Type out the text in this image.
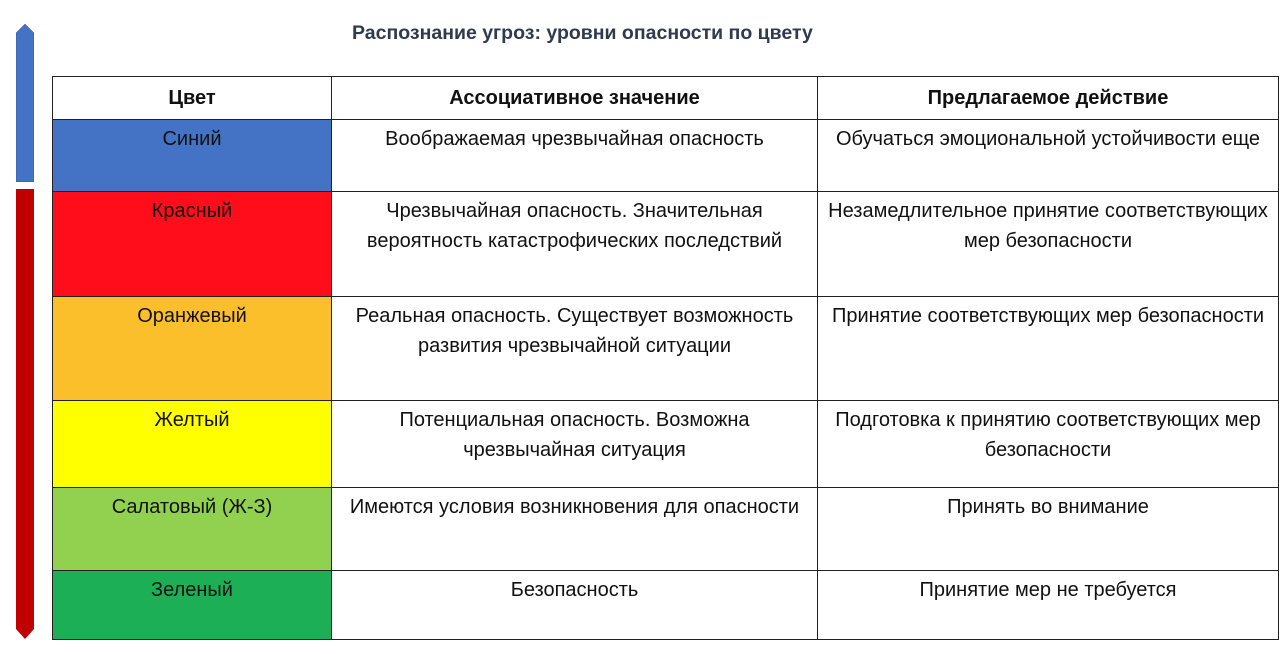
Распознание угроз: уровни опасности по цвету
Цвет	Ассоциативное значение	Предлагаемое действие
Синий	Воображаемая чрезвычайная опасность	Обучаться эмоциональной устойчивости еще
Красный	Чрезвычайная опасность. Значительная вероятность катастрофических последствий	Незамедлительное принятие соответствующих мер безопасности
Оранжевый	Реальная опасность. Существует возможность развития чрезвычайной ситуации	Принятие соответствующих мер безопасности
Желтый	Потенциальная опасность. Возможна чрезвычайная ситуация	Подготовка к принятию соответствующих мер безопасности
Салатовый (Ж-З)	Имеются условия возникновения для опасности	Принять во внимание
Зеленый	Безопасность	Принятие мер не требуется
